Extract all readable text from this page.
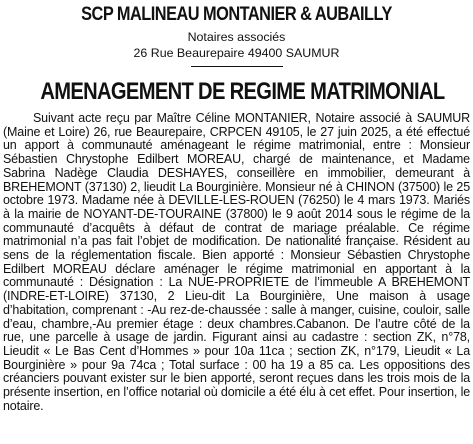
SCP MALINEAU MONTANIER & AUBAILLY

Notaires associés

26 Rue Beaurepaire 49400 SAUMUR

AMENAGEMENT DE REGIME MATRIMONIAL

Suivant acte reçu par Maître Céline MONTANIER, Notaire associé à SAUMUR (Maine et Loire) 26, rue Beaurepaire, CRPCEN 49105, le 27 juin 2025, a été effectué un apport à communauté aménageant le régime matrimonial, entre : Monsieur Sébastien Chrystophe Edilbert MOREAU, chargé de maintenance, et Madame Sabrina Nadège Claudia DESHAYES, conseillère en immobilier, demeurant à BREHEMONT (37130) 2, lieudit La Bourginière. Monsieur né à CHINON (37500) le 25 octobre 1973. Madame née à DEVILLE-LES-ROUEN (76250) le 4 mars 1973. Mariés à la mairie de NOYANT-DE-TOURAINE (37800) le 9 août 2014 sous le régime de la communauté d’acquêts à défaut de contrat de mariage préalable. Ce régime matrimonial n’a pas fait l’objet de modification. De nationalité française. Résident au sens de la réglementation fiscale. Bien apporté : Monsieur Sébastien Chrystophe Edilbert MOREAU déclare aménager le régime matrimonial en apportant à la communauté : Désignation : La NUE-PROPRIETE de l’immeuble A BREHEMONT (INDRE-ET-LOIRE) 37130, 2 Lieu-dit La Bourginière, Une maison à usage d’habitation, comprenant : -Au rez-de-chaussée : salle à manger, cuisine, couloir, salle d’eau, chambre,-Au premier étage : deux chambres.Cabanon. De l’autre côté de la rue, une parcelle à usage de jardin. Figurant ainsi au cadastre : section ZK, n°78, Lieudit « Le Bas Cent d’Hommes » pour 10a 11ca ; section ZK, n°179, Lieudit « La Bourginière » pour 9a 74ca ; Total surface : 00 ha 19 a 85 ca. Les oppositions des créanciers pouvant exister sur le bien apporté, seront reçues dans les trois mois de la présente insertion, en l’office notarial où domicile a été élu à cet effet. Pour insertion, le notaire.
